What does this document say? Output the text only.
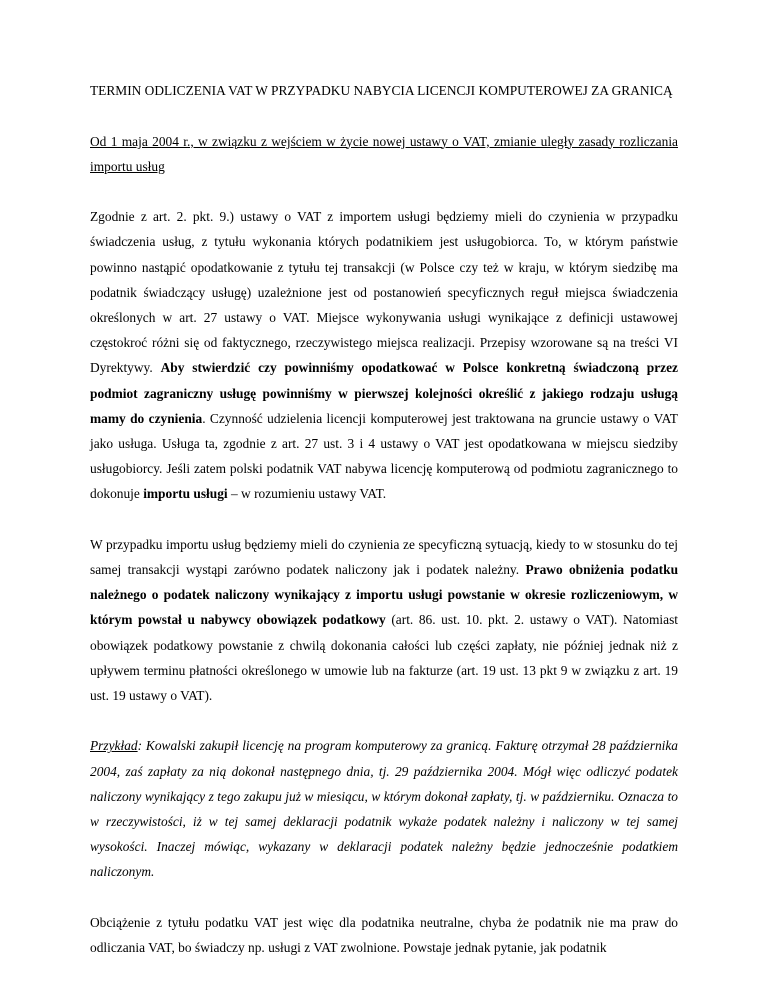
TERMIN ODLICZENIA VAT W PRZYPADKU NABYCIA LICENCJI KOMPUTEROWEJ ZA GRANICĄ

Od 1 maja 2004 r., w związku z wejściem w życie nowej ustawy o VAT, zmianie uległy zasady rozliczania importu usług

Zgodnie z art. 2. pkt. 9.) ustawy o VAT z importem usługi będziemy mieli do czynienia w przypadku świadczenia usług, z tytułu wykonania których podatnikiem jest usługobiorca. To, w którym państwie powinno nastąpić opodatkowanie z tytułu tej transakcji (w Polsce czy też w kraju, w którym siedzibę ma podatnik świadczący usługę) uzależnione jest od postanowień specyficznych reguł miejsca świadczenia określonych w art. 27 ustawy o VAT. Miejsce wykonywania usługi wynikające z definicji ustawowej częstokroć różni się od faktycznego, rzeczywistego miejsca realizacji. Przepisy wzorowane są na treści VI Dyrektywy. Aby stwierdzić czy powinniśmy opodatkować w Polsce konkretną świadczoną przez podmiot zagraniczny usługę powinniśmy w pierwszej kolejności określić z jakiego rodzaju usługą mamy do czynienia. Czynność udzielenia licencji komputerowej jest traktowana na gruncie ustawy o VAT jako usługa. Usługa ta, zgodnie z art. 27 ust. 3 i 4 ustawy o VAT jest opodatkowana w miejscu siedziby usługobiorcy. Jeśli zatem polski podatnik VAT nabywa licencję komputerową od podmiotu zagranicznego to dokonuje importu usługi – w rozumieniu ustawy VAT.

W przypadku importu usług będziemy mieli do czynienia ze specyficzną sytuacją, kiedy to w stosunku do tej samej transakcji wystąpi zarówno podatek naliczony jak i podatek należny. Prawo obniżenia podatku należnego o podatek naliczony wynikający z importu usługi powstanie w okresie rozliczeniowym, w którym powstał u nabywcy obowiązek podatkowy (art. 86. ust. 10. pkt. 2. ustawy o VAT). Natomiast obowiązek podatkowy powstanie z chwilą dokonania całości lub części zapłaty, nie później jednak niż z upływem terminu płatności określonego w umowie lub na fakturze (art. 19 ust. 13 pkt 9 w związku z art. 19 ust. 19 ustawy o VAT).

Przykład: Kowalski zakupił licencję na program komputerowy za granicą. Fakturę otrzymał 28 października 2004, zaś zapłaty za nią dokonał następnego dnia, tj. 29 października 2004. Mógł więc odliczyć podatek naliczony wynikający z tego zakupu już w miesiącu, w którym dokonał zapłaty, tj. w październiku. Oznacza to w rzeczywistości, iż w tej samej deklaracji podatnik wykaże podatek należny i naliczony w tej samej wysokości. Inaczej mówiąc, wykazany w deklaracji podatek należny będzie jednocześnie podatkiem naliczonym.

Obciążenie z tytułu podatku VAT jest więc dla podatnika neutralne, chyba że podatnik nie ma praw do odliczania VAT, bo świadczy np. usługi z VAT zwolnione. Powstaje jednak pytanie, jak podatnik
